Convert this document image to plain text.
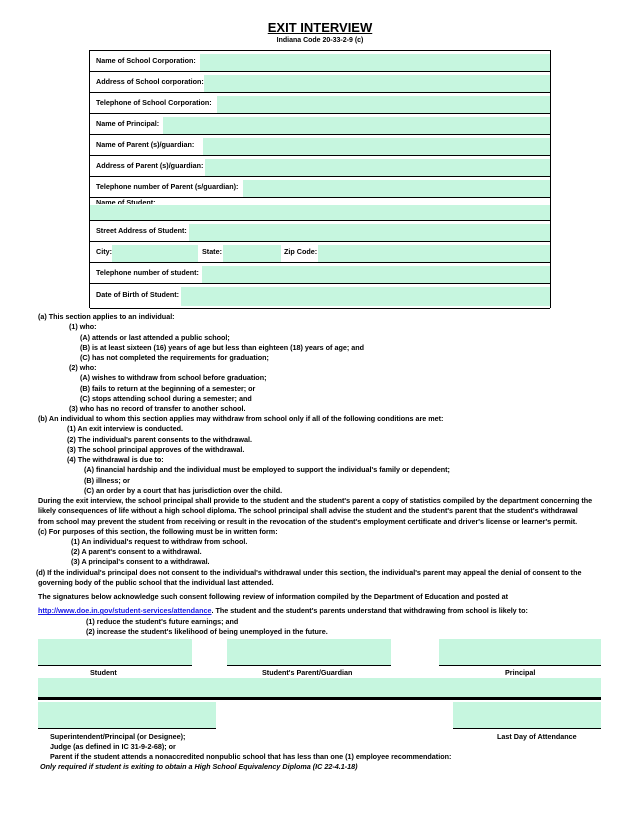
EXIT INTERVIEW
Indiana Code 20-33-2-9 (c)
Name of School Corporation:
Address of School corporation:
Telephone of School Corporation:
Name of Principal:
Name of Parent (s)/guardian:
Address of Parent (s)/guardian:
Telephone number of Parent (s/guardian):
Name of Student:
Street Address of Student:
City:	State:	Zip Code:
Telephone number of student:
Date of Birth of Student:
(a) This section applies to an individual:
(1) who:
(A) attends or last attended a public school;
(B) is at least sixteen (16) years of age but less than eighteen (18) years of age; and
(C) has not completed the requirements for graduation;
(2) who:
(A) wishes to withdraw from school before graduation;
(B) fails to return at the beginning of a semester; or
(C) stops attending school during a semester; and
(3) who has no record of transfer to another school.
(b) An individual to whom this section applies may withdraw from school only if all of the following conditions are met:
(1) An exit interview is conducted.
(2) The individual's parent consents to the withdrawal.
(3) The school principal approves of the withdrawal.
(4) The withdrawal is due to:
(A) financial hardship and the individual must be employed to support the individual's family or dependent;
(B) illness; or
(C) an order by a court that has jurisdiction over the child.
During the exit interview, the school principal shall provide to the student and the student's parent a copy of statistics compiled by the department concerning the
likely consequences of life without a high school diploma. The school principal shall advise the student and the student's parent that the student's withdrawal
from school may prevent the student from receiving or result in the revocation of the student's employment certificate and driver's license or learner's permit.
(c) For purposes of this section, the following must be in written form:
(1) An individual's request to withdraw from school.
(2) A parent's consent to a withdrawal.
(3) A principal's consent to a withdrawal.
(d) If the individual's principal does not consent to the individual's withdrawal under this section, the individual's parent may appeal the denial of consent to the
governing body of the public school that the individual last attended.
The signatures below acknowledge such consent following review of information compiled by the Department of Education and posted at
http://www.doe.in.gov/student-services/attendance. The student and the student's parents understand that withdrawing from school is likely to:
(1) reduce the student's future earnings; and
(2) increase the student's likelihood of being unemployed in the future.
Student	Student's Parent/Guardian	Principal
Superintendent/Principal (or Designee);	Last Day of Attendance
Judge (as defined in IC 31-9-2-68); or
Parent if the student attends a nonaccredited nonpublic school that has less than one (1) employee recommendation:
Only required if student is exiting to obtain a High School Equivalency Diploma (IC 22-4.1-18)
